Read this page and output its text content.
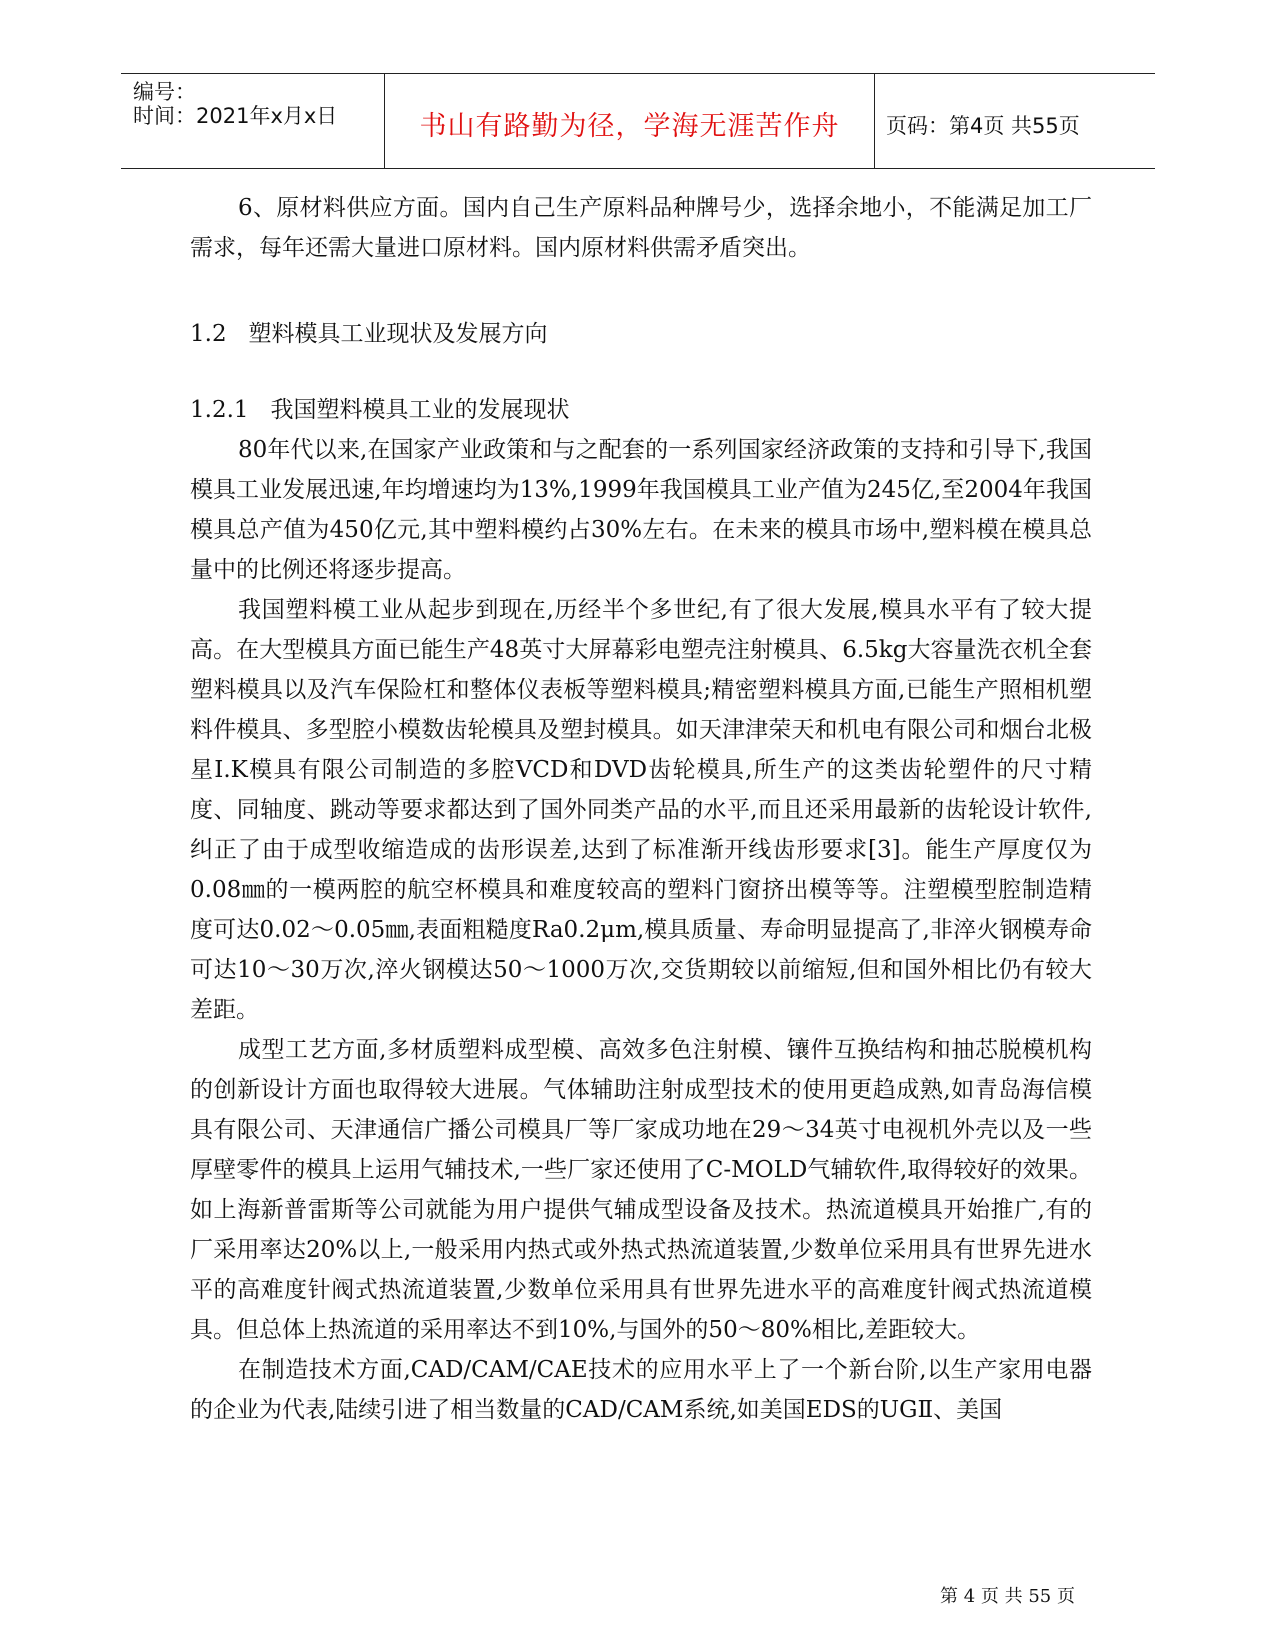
编号：
时间：2021年x月x日	书山有路勤为径，学海无涯苦作舟	页码：第4页 共55页

6、原材料供应方面。国内自己生产原料品种牌号少，选择余地小，不能满足加工厂需求，每年还需大量进口原材料。国内原材料供需矛盾突出。

1.2   塑料模具工业现状及发展方向

1.2.1   我国塑料模具工业的发展现状

80年代以来,在国家产业政策和与之配套的一系列国家经济政策的支持和引导下,我国模具工业发展迅速,年均增速均为13%,1999年我国模具工业产值为245亿,至2004年我国模具总产值为450亿元,其中塑料模约占30%左右。在未来的模具市场中,塑料模在模具总量中的比例还将逐步提高。

我国塑料模工业从起步到现在,历经半个多世纪,有了很大发展,模具水平有了较大提高。在大型模具方面已能生产48英寸大屏幕彩电塑壳注射模具、6.5kg大容量洗衣机全套塑料模具以及汽车保险杠和整体仪表板等塑料模具;精密塑料模具方面,已能生产照相机塑料件模具、多型腔小模数齿轮模具及塑封模具。如天津津荣天和机电有限公司和烟台北极星I.K模具有限公司制造的多腔VCD和DVD齿轮模具,所生产的这类齿轮塑件的尺寸精度、同轴度、跳动等要求都达到了国外同类产品的水平,而且还采用最新的齿轮设计软件,纠正了由于成型收缩造成的齿形误差,达到了标准渐开线齿形要求[3]。能生产厚度仅为0.08㎜的一模两腔的航空杯模具和难度较高的塑料门窗挤出模等等。注塑模型腔制造精度可达0.02～0.05㎜,表面粗糙度Ra0.2μm,模具质量、寿命明显提高了,非淬火钢模寿命可达10～30万次,淬火钢模达50～1000万次,交货期较以前缩短,但和国外相比仍有较大差距。

成型工艺方面,多材质塑料成型模、高效多色注射模、镶件互换结构和抽芯脱模机构的创新设计方面也取得较大进展。气体辅助注射成型技术的使用更趋成熟,如青岛海信模具有限公司、天津通信广播公司模具厂等厂家成功地在29～34英寸电视机外壳以及一些厚壁零件的模具上运用气辅技术,一些厂家还使用了C-MOLD气辅软件,取得较好的效果。如上海新普雷斯等公司就能为用户提供气辅成型设备及技术。热流道模具开始推广,有的厂采用率达20%以上,一般采用内热式或外热式热流道装置,少数单位采用具有世界先进水平的高难度针阀式热流道装置,少数单位采用具有世界先进水平的高难度针阀式热流道模具。但总体上热流道的采用率达不到10%,与国外的50～80%相比,差距较大。

在制造技术方面,CAD/CAM/CAE技术的应用水平上了一个新台阶,以生产家用电器的企业为代表,陆续引进了相当数量的CAD/CAM系统,如美国EDS的UGⅡ、美国

第 4 页 共 55 页
